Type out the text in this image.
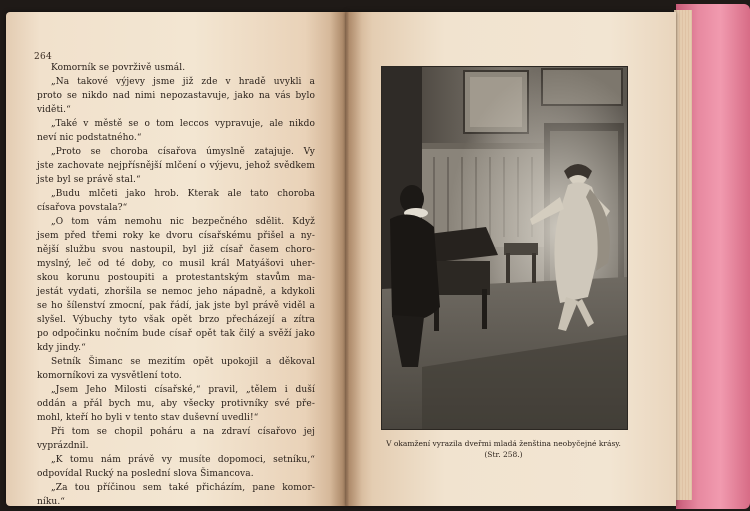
264
Komorník se povrživě usmál.
„Na takové výjevy jsme již zde v hradě uvykli a
proto se nikdo nad nimi nepozastavuje, jako na vás bylo
viděti.“
„Také v městě se o tom leccos vypravuje, ale nikdo
neví nic podstatného.“
„Proto se choroba císařova úmyslně zatajuje. Vy
jste zachovate nejpřísnější mlčení o výjevu, jehož svědkem
jste byl se právě stal.“
„Budu mlčeti jako hrob. Kterak ale tato choroba
císařova povstala?“
„O tom vám nemohu nic bezpečného sdělit. Když
jsem před třemi roky ke dvoru císařskému přišel a ny-
nější službu svou nastoupil, byl již císař časem choro-
myslný, leč od té doby, co musil král Matyášovi uher-
skou korunu postoupiti a protestantským stavům ma-
jestát vydati, zhoršila se nemoc jeho nápadně, a kdykoli
se ho šílenství zmocní, pak řádí, jak jste byl právě viděl a
slyšel. Výbuchy tyto však opět brzo přecházejí a zítra
po odpočinku nočním bude císař opět tak čilý a svěží jako
kdy jindy.“
Setník Šimanc se mezitím opět upokojil a děkoval
komorníkovi za vysvětlení toto.
„Jsem Jeho Milosti císařské,“ pravil, „tělem i duší
oddán a přál bych mu, aby všecky protivníky své pře-
mohl, kteří ho byli v tento stav duševní uvedli!“
Při tom se chopil poháru a na zdraví císařovo jej
vyprázdnil.
„K tomu nám právě vy musíte dopomoci, setníku,“
odpovídal Rucký na poslední slova Šimancova.
„Za tou příčinou sem také přicházím, pane komor-
níku.“
V okamžení vyrazila dveřmi mladá ženština neobyčejné krásy. (Str. 258.)
